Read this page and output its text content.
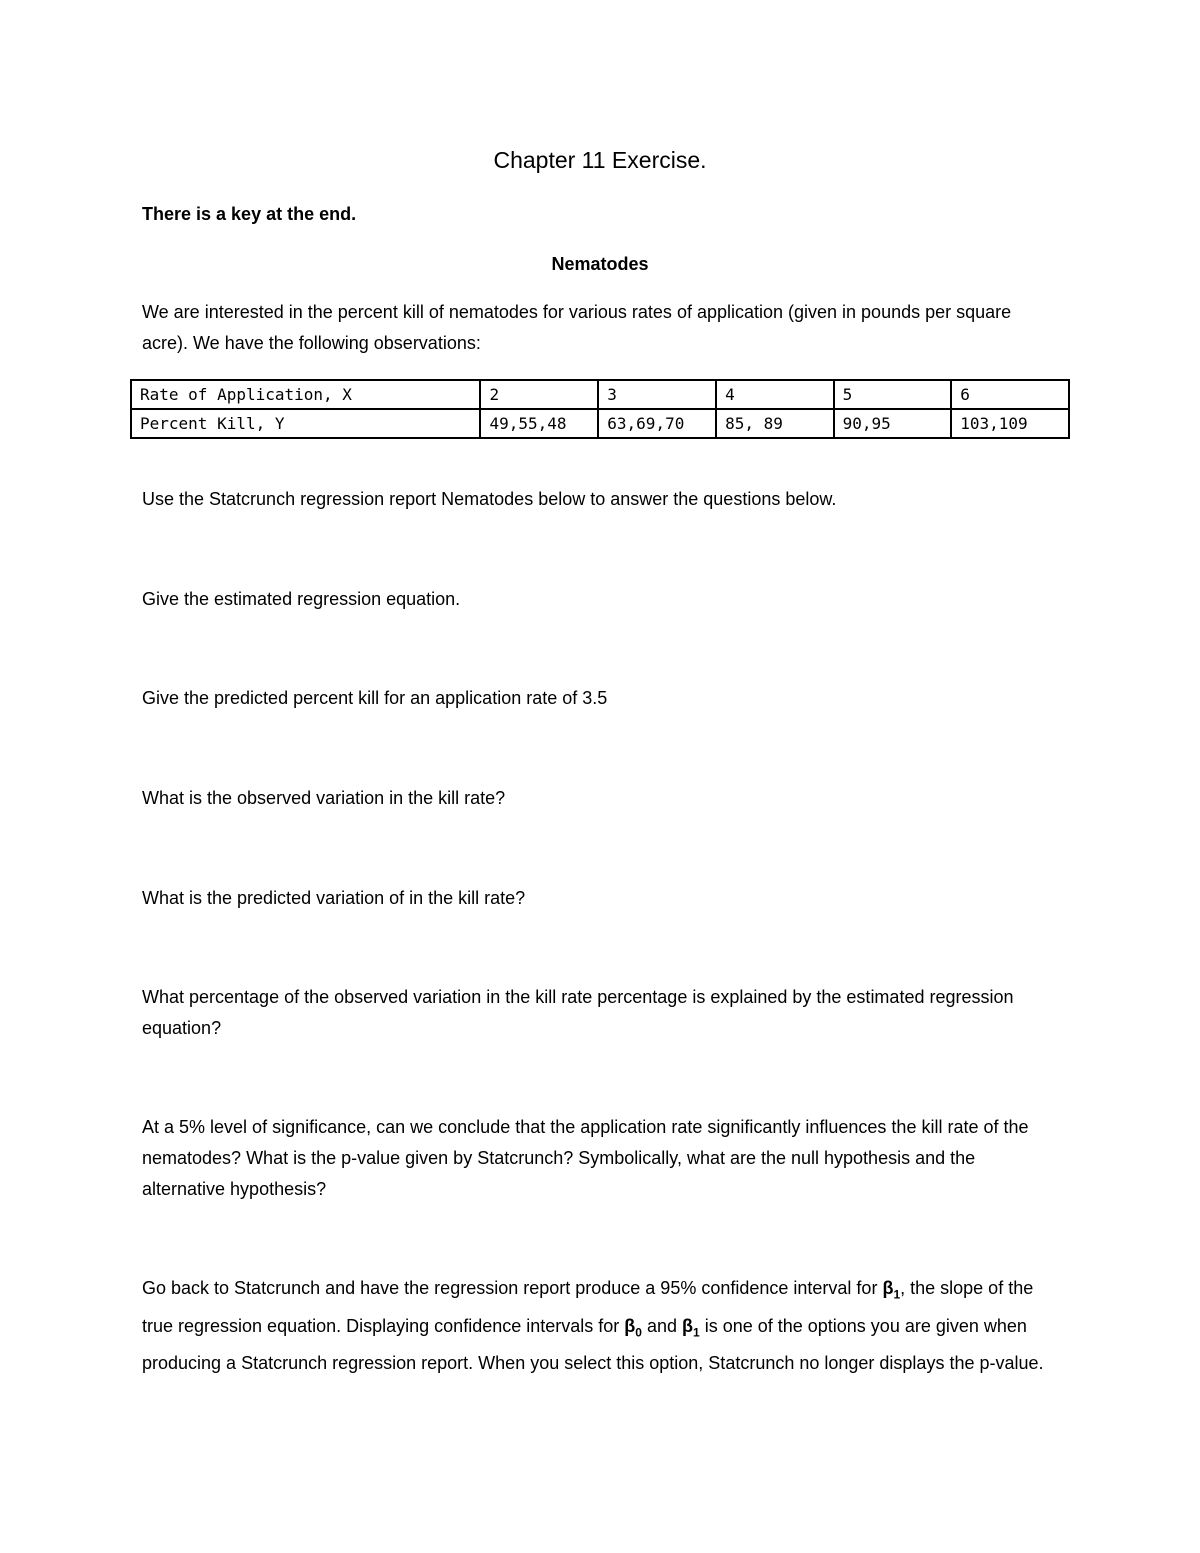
Chapter 11 Exercise.
There is a key at the end.
Nematodes

We are interested in the percent kill of nematodes for various rates of application (given in pounds per square acre). We have the following observations:

Rate of Application, X	2	3	4	5	6
Percent Kill, Y	49,55,48	63,69,70	85, 89	90,95	103,109

Use the Statcrunch regression report Nematodes below to answer the questions below.

Give the estimated regression equation.

Give the predicted percent kill for an application rate of 3.5

What is the observed variation in the kill rate?

What is the predicted variation of in the kill rate?

What percentage of the observed variation in the kill rate percentage is explained by the estimated regression equation?

At a 5% level of significance, can we conclude that the application rate significantly influences the kill rate of the nematodes? What is the p-value given by Statcrunch? Symbolically, what are the null hypothesis and the alternative hypothesis?

Go back to Statcrunch and have the regression report produce a 95% confidence interval for $\beta_1$, the slope of the true regression equation. Displaying confidence intervals for $\beta_0$ and $\beta_1$ is one of the options you are given when producing a Statcrunch regression report. When you select this option, Statcrunch no longer displays the p-value.
